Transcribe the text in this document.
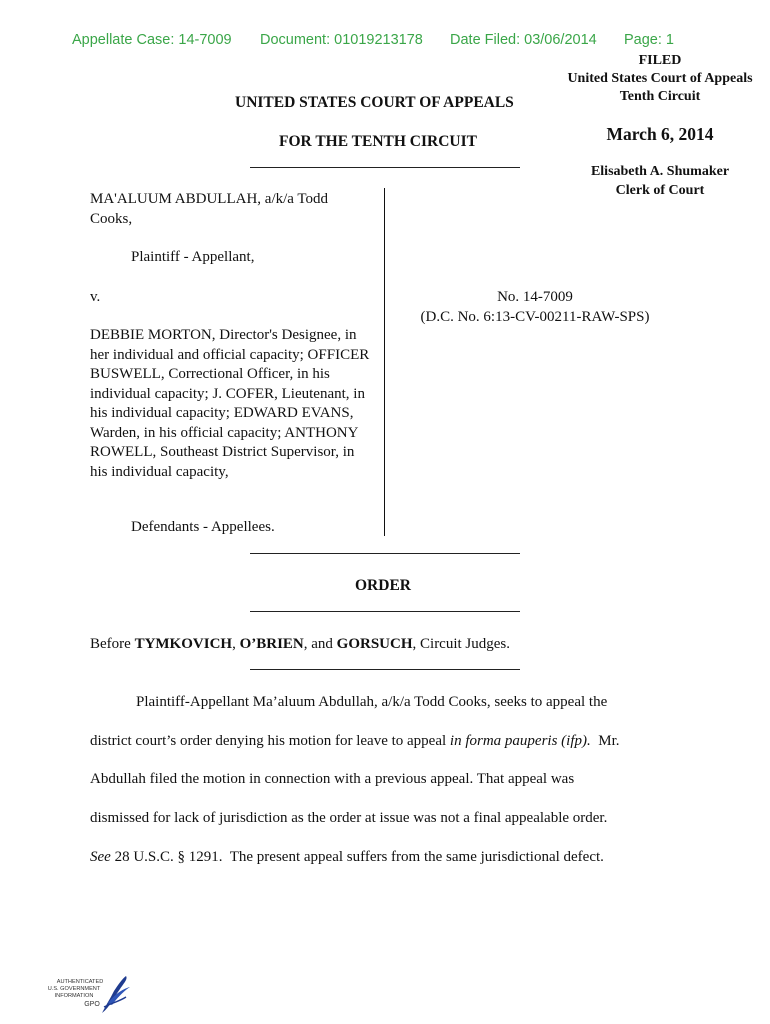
Appellate Case: 14-7009 Document: 01019213178 Date Filed: 03/06/2014 Page: 1
FILED
United States Court of Appeals
Tenth Circuit
March 6, 2014
Elisabeth A. Shumaker
Clerk of Court
UNITED STATES COURT OF APPEALS
FOR THE TENTH CIRCUIT
MA'ALUUM ABDULLAH, a/k/a Todd Cooks,
Plaintiff - Appellant,
v.
DEBBIE MORTON, Director's Designee, in her individual and official capacity; OFFICER BUSWELL, Correctional Officer, in his individual capacity; J. COFER, Lieutenant, in his individual capacity; EDWARD EVANS, Warden, in his official capacity; ANTHONY ROWELL, Southeast District Supervisor, in his individual capacity,
Defendants - Appellees.
No. 14-7009
(D.C. No. 6:13-CV-00211-RAW-SPS)
ORDER
Before TYMKOVICH, O’BRIEN, and GORSUCH, Circuit Judges.
Plaintiff-Appellant Ma’aluum Abdullah, a/k/a Todd Cooks, seeks to appeal the
district court’s order denying his motion for leave to appeal in forma pauperis (ifp).  Mr.
Abdullah filed the motion in connection with a previous appeal. That appeal was
dismissed for lack of jurisdiction as the order at issue was not a final appealable order.
See 28 U.S.C. § 1291.  The present appeal suffers from the same jurisdictional defect.
AUTHENTICATED
U.S. GOVERNMENT
INFORMATION
GPO
